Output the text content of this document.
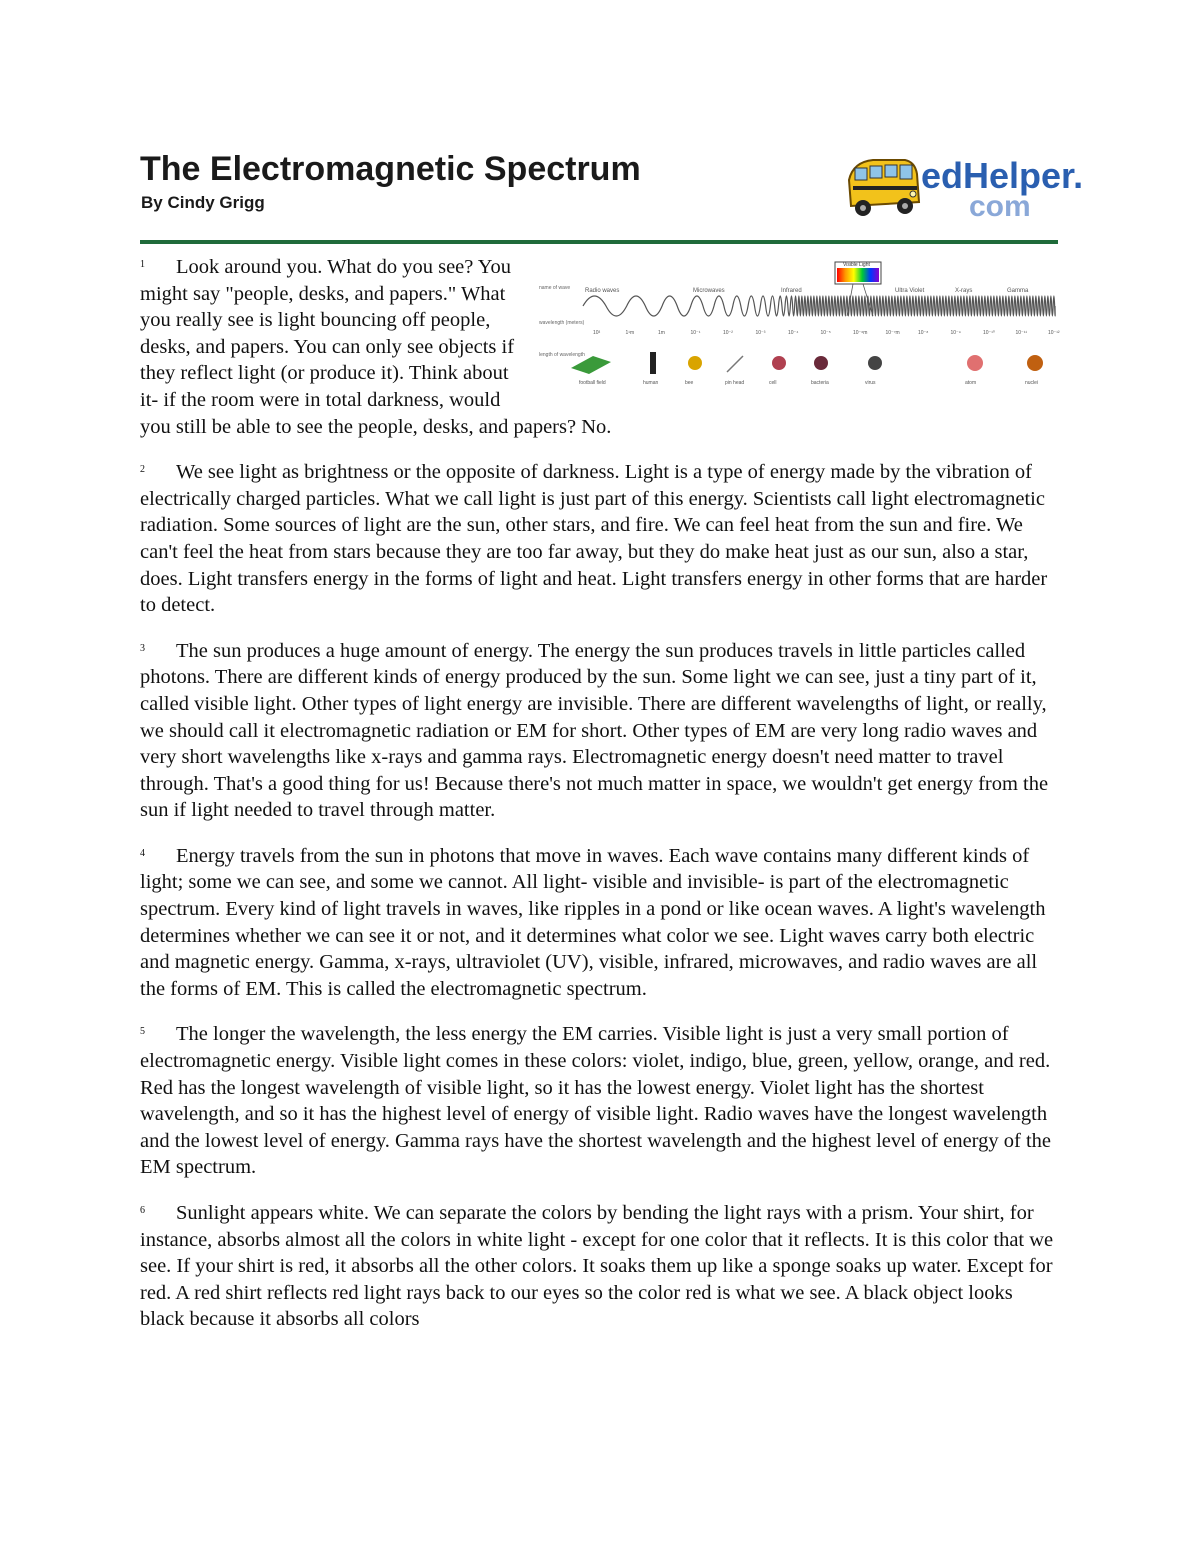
The Electromagnetic Spectrum
By Cindy Grigg
edHelper.
com
name of wave
wavelength (meters)
length of wavelength
Visible Light
Radio waves	Microwaves	Infrared	Ultra Violet	X-rays	Gamma
10³	1¹m	1m	10⁻¹	10⁻²	10⁻³	10⁻⁴	10⁻⁵	10⁻⁶m	10⁻⁷m	10⁻⁸	10⁻⁹	10⁻¹⁰	10⁻¹¹	10⁻¹²
football field	human	bee	pin head	cell	bacteria	virus	atom	nuclei

1 Look around you. What do you see? You might say "people, desks, and papers." What you really see is light bouncing off people, desks, and papers. You can only see objects if they reflect light (or produce it). Think about it- if the room were in total darkness, would you still be able to see the people, desks, and papers? No.

2 We see light as brightness or the opposite of darkness. Light is a type of energy made by the vibration of electrically charged particles. What we call light is just part of this energy. Scientists call light electromagnetic radiation. Some sources of light are the sun, other stars, and fire. We can feel heat from the sun and fire. We can't feel the heat from stars because they are too far away, but they do make heat just as our sun, also a star, does. Light transfers energy in the forms of light and heat. Light transfers energy in other forms that are harder to detect.

3 The sun produces a huge amount of energy. The energy the sun produces travels in little particles called photons. There are different kinds of energy produced by the sun. Some light we can see, just a tiny part of it, called visible light. Other types of light energy are invisible. There are different wavelengths of light, or really, we should call it electromagnetic radiation or EM for short. Other types of EM are very long radio waves and very short wavelengths like x-rays and gamma rays. Electromagnetic energy doesn't need matter to travel through. That's a good thing for us! Because there's not much matter in space, we wouldn't get energy from the sun if light needed to travel through matter.

4 Energy travels from the sun in photons that move in waves. Each wave contains many different kinds of light; some we can see, and some we cannot. All light- visible and invisible- is part of the electromagnetic spectrum. Every kind of light travels in waves, like ripples in a pond or like ocean waves. A light's wavelength determines whether we can see it or not, and it determines what color we see. Light waves carry both electric and magnetic energy. Gamma, x-rays, ultraviolet (UV), visible, infrared, microwaves, and radio waves are all the forms of EM. This is called the electromagnetic spectrum.

5 The longer the wavelength, the less energy the EM carries. Visible light is just a very small portion of electromagnetic energy. Visible light comes in these colors: violet, indigo, blue, green, yellow, orange, and red. Red has the longest wavelength of visible light, so it has the lowest energy. Violet light has the shortest wavelength, and so it has the highest level of energy of visible light. Radio waves have the longest wavelength and the lowest level of energy. Gamma rays have the shortest wavelength and the highest level of energy of the EM spectrum.

6 Sunlight appears white. We can separate the colors by bending the light rays with a prism. Your shirt, for instance, absorbs almost all the colors in white light - except for one color that it reflects. It is this color that we see. If your shirt is red, it absorbs all the other colors. It soaks them up like a sponge soaks up water. Except for red. A red shirt reflects red light rays back to our eyes so the color red is what we see. A black object looks black because it absorbs all colors
